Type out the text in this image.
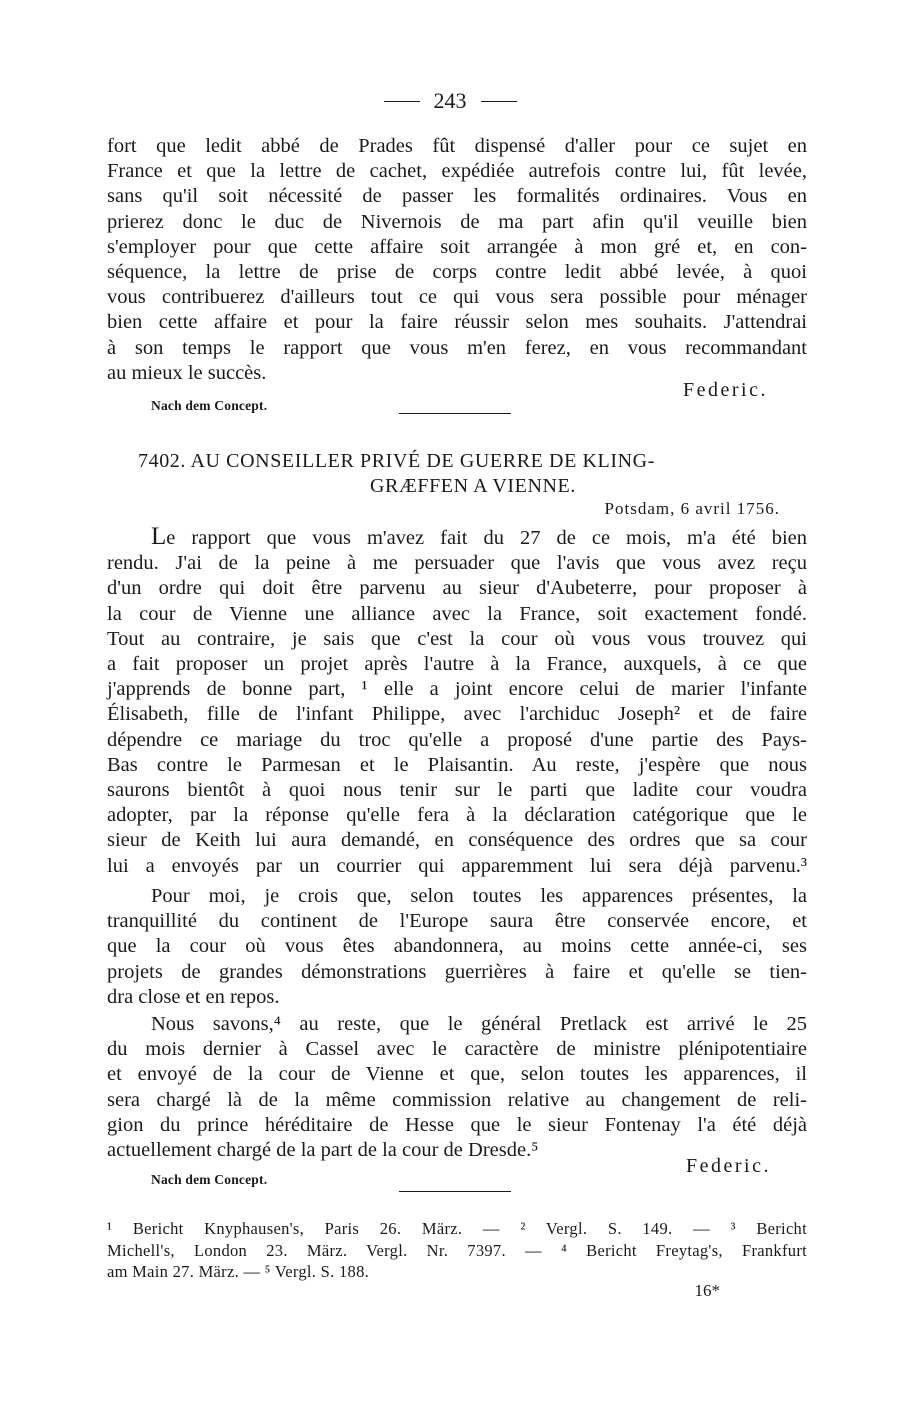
243
fort que ledit abbé de Prades fût dispensé d'aller pour ce sujet en
France et que la lettre de cachet, expédiée autrefois contre lui, fût levée,
sans qu'il soit nécessité de passer les formalités ordinaires. Vous en
prierez donc le duc de Nivernois de ma part afin qu'il veuille bien
s'employer pour que cette affaire soit arrangée à mon gré et, en con-
séquence, la lettre de prise de corps contre ledit abbé levée, à quoi
vous contribuerez d'ailleurs tout ce qui vous sera possible pour ménager
bien cette affaire et pour la faire réussir selon mes souhaits. J'attendrai
à son temps le rapport que vous m'en ferez, en vous recommandant
au mieux le succès.
Federic.
Nach dem Concept.
7402. AU CONSEILLER PRIVÉ DE GUERRE DE KLING-
GRÆFFEN A VIENNE.
Potsdam, 6 avril 1756.
Le rapport que vous m'avez fait du 27 de ce mois, m'a été bien
rendu. J'ai de la peine à me persuader que l'avis que vous avez reçu
d'un ordre qui doit être parvenu au sieur d'Aubeterre, pour proposer à
la cour de Vienne une alliance avec la France, soit exactement fondé.
Tout au contraire, je sais que c'est la cour où vous vous trouvez qui
a fait proposer un projet après l'autre à la France, auxquels, à ce que
j'apprends de bonne part, ¹ elle a joint encore celui de marier l'infante
Élisabeth, fille de l'infant Philippe, avec l'archiduc Joseph² et de faire
dépendre ce mariage du troc qu'elle a proposé d'une partie des Pays-
Bas contre le Parmesan et le Plaisantin. Au reste, j'espère que nous
saurons bientôt à quoi nous tenir sur le parti que ladite cour voudra
adopter, par la réponse qu'elle fera à la déclaration catégorique que le
sieur de Keith lui aura demandé, en conséquence des ordres que sa cour
lui a envoyés par un courrier qui apparemment lui sera déjà parvenu.³
Pour moi, je crois que, selon toutes les apparences présentes, la
tranquillité du continent de l'Europe saura être conservée encore, et
que la cour où vous êtes abandonnera, au moins cette année-ci, ses
projets de grandes démonstrations guerrières à faire et qu'elle se tien-
dra close et en repos.
Nous savons,⁴ au reste, que le général Pretlack est arrivé le 25
du mois dernier à Cassel avec le caractère de ministre plénipotentiaire
et envoyé de la cour de Vienne et que, selon toutes les apparences, il
sera chargé là de la même commission relative au changement de reli-
gion du prince héréditaire de Hesse que le sieur Fontenay l'a été déjà
actuellement chargé de la part de la cour de Dresde.⁵
Federic.
Nach dem Concept.
¹ Bericht Knyphausen's, Paris 26. März. — ² Vergl. S. 149. — ³ Bericht
Michell's, London 23. März. Vergl. Nr. 7397. — ⁴ Bericht Freytag's, Frankfurt
am Main 27. März. — ⁵ Vergl. S. 188.
16*
